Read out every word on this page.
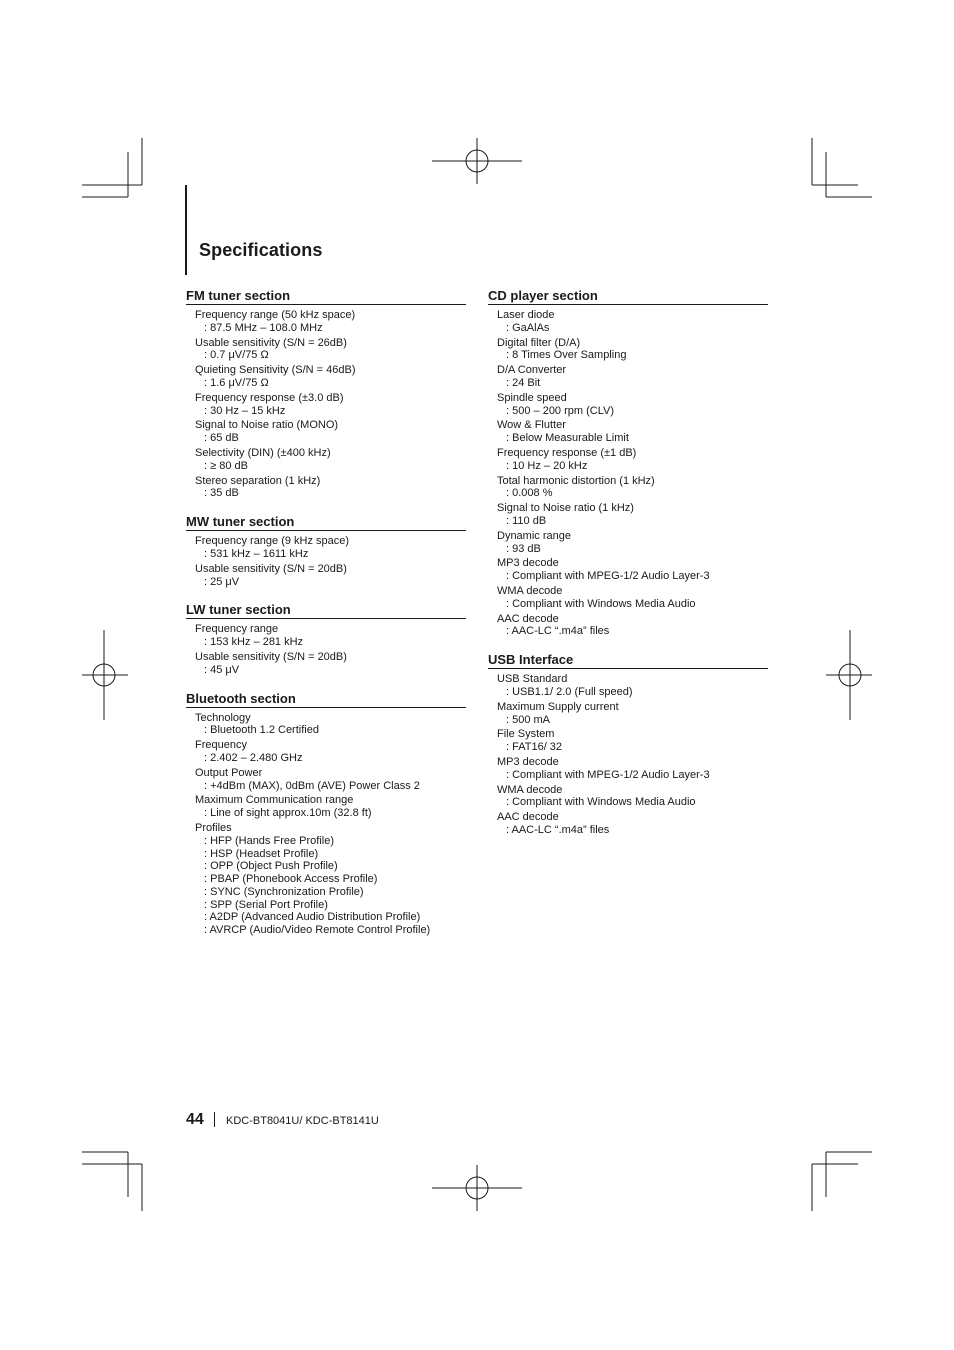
Specifications
FM tuner section
Frequency range (50 kHz space)
: 87.5 MHz – 108.0 MHz
Usable sensitivity (S/N = 26dB)
: 0.7 μV/75 Ω
Quieting Sensitivity (S/N = 46dB)
: 1.6 μV/75 Ω
Frequency response (±3.0 dB)
: 30 Hz – 15 kHz
Signal to Noise ratio (MONO)
: 65 dB
Selectivity (DIN) (±400 kHz)
: ≥ 80 dB
Stereo separation (1 kHz)
: 35 dB
MW tuner section
Frequency range (9 kHz space)
: 531 kHz – 1611 kHz
Usable sensitivity (S/N = 20dB)
: 25 μV
LW tuner section
Frequency range
: 153 kHz – 281 kHz
Usable sensitivity (S/N = 20dB)
: 45 μV
Bluetooth section
Technology
: Bluetooth 1.2 Certified
Frequency
: 2.402 – 2.480 GHz
Output Power
: +4dBm (MAX), 0dBm (AVE) Power Class 2
Maximum Communication range
: Line of sight approx.10m (32.8 ft)
Profiles
: HFP (Hands Free Profile)
: HSP (Headset Profile)
: OPP (Object Push Profile)
: PBAP (Phonebook Access Profile)
: SYNC (Synchronization Profile)
: SPP (Serial Port Profile)
: A2DP (Advanced Audio Distribution Profile)
: AVRCP (Audio/Video Remote Control Profile)
CD player section
Laser diode
: GaAlAs
Digital filter (D/A)
: 8 Times Over Sampling
D/A Converter
: 24 Bit
Spindle speed
: 500 – 200 rpm (CLV)
Wow & Flutter
: Below Measurable Limit
Frequency response (±1 dB)
: 10 Hz – 20 kHz
Total harmonic distortion (1 kHz)
: 0.008 %
Signal to Noise ratio (1 kHz)
: 110 dB
Dynamic range
: 93 dB
MP3 decode
: Compliant with MPEG-1/2 Audio Layer-3
WMA decode
: Compliant with Windows Media Audio
AAC decode
: AAC-LC “.m4a” files
USB Interface
USB Standard
: USB1.1/ 2.0 (Full speed)
Maximum Supply current
: 500 mA
File System
: FAT16/ 32
MP3 decode
: Compliant with MPEG-1/2 Audio Layer-3
WMA decode
: Compliant with Windows Media Audio
AAC decode
: AAC-LC “.m4a” files
44 KDC-BT8041U/ KDC-BT8141U
